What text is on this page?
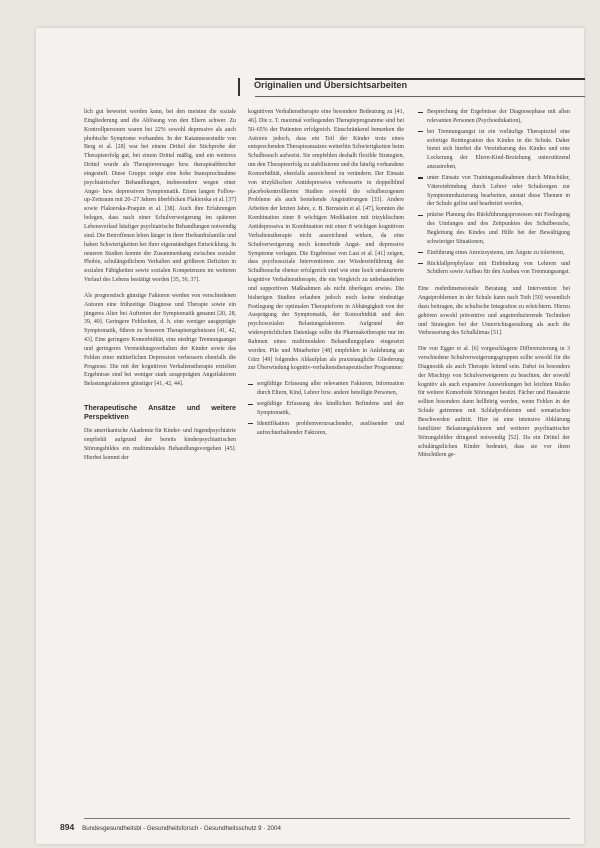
Originalien und Übersichtsarbeiten

lich gut bewertet werden kann, bei den meisten die soziale Eingliederung und die Ablösung von den Eltern schwer. Zu Kontrollpersonen waren bei 22% sowohl depressive als auch phobische Symptome vorhanden. In der Katamnesestudie von Berg et al. [28] war bei einem Drittel der Stichprobe der Therapieerfolg gut, bei einem Drittel mäßig, und ein weiteres Drittel wurde als Therapieversager bzw. therapieabbrecher eingestuft. Diese Gruppe zeigte eine hohe Inanspruchnahme psychiatrischer Behandlungen, insbesondere wegen einer Angst- bzw. depressiven Symptomatik. Einen langen Follow-up-Zeitraum mit 20–27 Jahren überblicken Flakierska et al. [37] sowie Flakierska-Praquin et al. [38]. Auch ihre Erfahrungen belegen, dass nach einer Schulverweigerung im späteren Lebensverlauf häufiger psychiatrische Behandlungen notwendig sind. Die Betroffenen leben länger in ihrer Herkunftsfamilie und haben Schwierigkeiten bei ihrer eigenständigen Entwicklung. In neueren Studien konnte der Zusammenhang zwischen sozialer Phobie, schulängstlichem Verhalten und größeren Defiziten in sozialen Fähigkeiten sowie sozialen Kompetenzen im weiteren Verlauf des Lebens bestätigt werden [35, 36, 37].

Als prognostisch günstige Faktoren werden von verschiedenen Autoren eine frühzeitige Diagnose und Therapie sowie ein jüngeres Alter bei Auftreten der Symptomatik genannt [20, 28, 39, 40]. Geringere Fehlzeiten, d. h. eine weniger ausgeprägte Symptomatik, führen zu besseren Therapieergebnissen [41, 42, 43]. Eine geringere Komorbidität, eine niedrige Trennungsangst und geringeres Vermeidungsverhalten der Kinder sowie das Fehlen einer mütterlichen Depression verbessern ebenfalls die Prognose. Die mit der kognitiven Verhaltenstherapie erzielten Ergebnisse sind bei weniger stark ausgeprägten Angstfaktoren Belastungsfaktoren günstiger [41, 42, 44].

Therapeutische Ansätze und weitere Perspektiven

Die amerikanische Akademie für Kinder- und Jugendpsychiatrie empfiehlt aufgrund der bereits kinderpsychiatrischen Störungsbildes ein multimodales Behandlungsvorgehen [45]. Hierbei kommt der

kognitiven Verhaltenstherapie eine besondere Bedeutung zu [41, 46]. Die z. T. maximal vorliegenden Therapieprogramme sind bei 50–65% der Patienten erfolgreich. Einschränkend bemerken die Autoren jedoch, dass ein Teil der Kinder trotz eines entsprechenden Therapieansatzes weiterhin Schwierigkeiten beim Schulbesuch aufweist. Sie empfehlen deshalb flexible Strategien, um den Therapieerfolg zu stabilisieren und die häufig vorhandene Komorbidität, ebenfalls ausreichend zu verändern. Der Einsatz von trizyklischen Antidepressiva verbesserte in doppelblind placebokontrollierten Studien sowohl die schulbezogenen Probleme als auch bestehende Angststörungen [33]. Andere Arbeiten der letzten Jahre, z. B. Bernstein et al. [47], konnten die Kombination einer 8 wöchigen Medikation mit trizyklischem Antidepressiva in Kombination mit einer 8 wöchigen kognitiven Verhaltenstherapie nicht ausreichend wirken, da eine Schulverweigerung noch komorbide Angst- und depressive Symptome vorlagen. Die Ergebnisse von Last et al. [41] zeigen, dass psychosoziale Interventionen zur Wiedereinführung der Schulbesuche ebenso erfolgreich sind wie eine hoch strukturierte kognitive Verhaltenstherapie, die ein Vergleich zu unbehandelten und supportiven Maßnahmen als nicht überlegen erwies. Die bisherigen Studien erlauben jedoch noch keine eindeutige Festlegung der optimalen Therapieform in Abhängigkeit von der Ausprägung der Symptomatik, der Komorbidität und den psychosozialen Belastungsfaktoren. Aufgrund der widersprüchlichen Datenlage sollte die Pharmakotherapie nur im Rahmen eines multimodalen Behandlungsplans eingesetzt werden. Pile und Mitarbeiter [48] empfehlen in Anlehnung an Gürz [49] folgendes Ablaufplan als praxistaugliche Gliederung zur Überwindung kognitiv-verhaltenstherapeutischer Programme:

sorgfältige Erfassung aller relevanten Faktoren, Information durch Eltern, Kind, Lehrer bzw. andere beteiligte Personen,
sorgfältige Erfassung des kindlichen Befindens und der Symptomatik,
Identifikation problemverursachender, auslösender und aufrechterhaltender Faktoren,
Besprechung der Ergebnisse der Diagnosephase mit allen relevanten Personen (Psychoedukation),
bei Trennungsangst ist ein vorläufige Therapieziel eine sofortige Reintegration des Kindes in die Schule. Daher bietet sich hierbei die Vereinbarung des Kindes und eine Lockerung der Eltern-Kind-Beziehung unterstützend anzustreben,
unter Einsatz von Trainingsmaßnahmen durch Mitschüler, Vätereinbindung durch Lehrer oder Schulsorgen zur Symptomreduzierung bearbeiten, anstatt diese Themen in der Schule gelöst und bearbeitet werden,
präzise Planung des Rückführungsprozesses mit Festlegung des Umfanges und des Zeitpunktes des Schulbesuchs, Begleitung des Kindes und Hilfe bei der Bewältigung schwieriger Situationen,
Einführung eines Anreizsystems, um Ängste zu tolerieren,
Rückfallprophylaxe mit Einbindung von Lehrern und Schülern sowie Aufbau für den Ausbau von Trennungsangst.

Eine mehrdimensionale Beratung und Intervention bei Angstproblemen in der Schule kann nach Toth [50] wesentlich dazu beitragen, die schulische Integration zu erleichtern. Hierzu gehören sowohl präventive und angstreduzierende Techniken und Strategien bei der Unterrichtsgestaltung als auch die Verbesserung des Schulklimas [51].

Die von Egger et al. [6] vorgeschlagene Differenzierung in 3 verschiedene Schulverweigerungsgruppen sollte sowohl für die Diagnostik als auch Therapie leitend sein. Dabei ist besonders der Mischtyp von Schulverweigerern zu beachten, der sowohl kognitiv als auch expansive Auswirkungen bei leichten Risiko für weitere Komorbide Störungen besitzt. Fächer und Hausärzte sollten besonders dann hellhörig werden, wenn Fehlen in der Schule getrennen mit Schlafproblemen und somatischen Beschwerden auftritt. Hier ist eine intensive Abklärung familiärer Belastungsfaktoren und weiterer psychiatrischer Störungsbilder dringend notwendig [52]. Da ein Drittel der schulängstlichen Kinder bedeutet, dass sie vor ihren Mitschülern ge-

894 Bundesgesundheitsbl - Gesundheitsforsch - Gesundheitsschutz 9 · 2004
